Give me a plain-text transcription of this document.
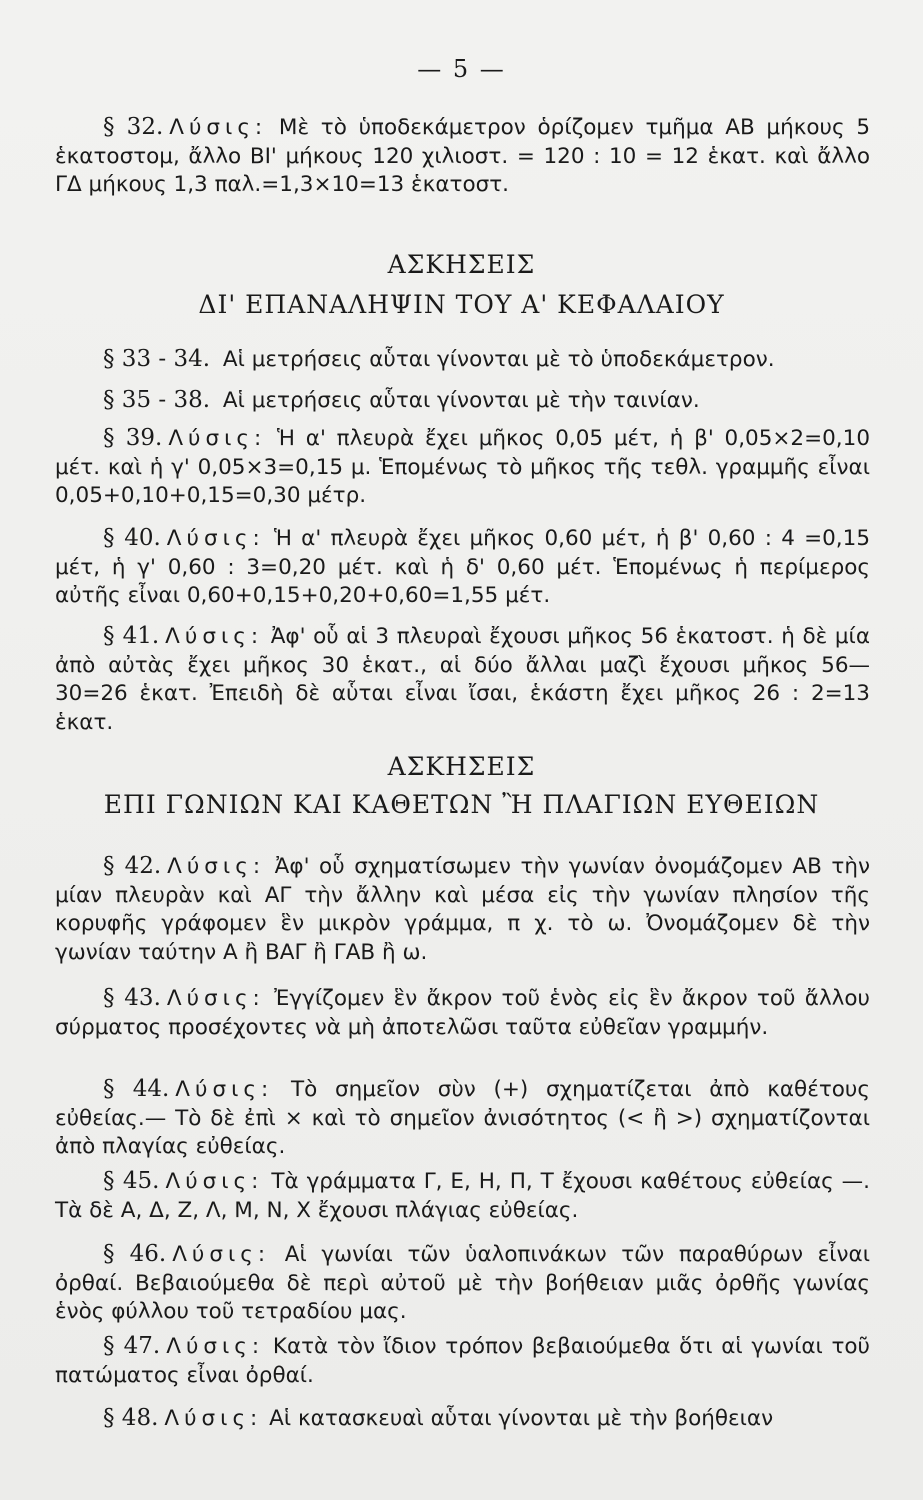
— 5 —
§ 32. Λύσις: Μὲ τὸ ὑποδεκάμετρον ὁρίζομεν τμῆμα ΑΒ μήκους 5 ἑκατοστομ, ἄλλο ΒΙ' μήκους 120 χιλιοστ. = 120 : 10 = 12 ἑκατ. καὶ ἄλλο ΓΔ μήκους 1,3 παλ.=1,3×10=13 ἑκατοστ.
ΑΣΚΗΣΕΙΣ
ΔΙ' ΕΠΑΝΑΛΗΨΙΝ ΤΟΥ Α' ΚΕΦΑΛΑΙΟΥ
§ 33 - 34. Αἱ μετρήσεις αὗται γίνονται μὲ τὸ ὑποδεκάμετρον.
§ 35 - 38. Αἱ μετρήσεις αὗται γίνονται μὲ τὴν ταινίαν.
§ 39. Λύσις: Ἡ α' πλευρὰ ἔχει μῆκος 0,05 μέτ, ἡ β' 0,05×2=0,10 μέτ. καὶ ἡ γ' 0,05×3=0,15 μ. Ἑπομένως τὸ μῆκος τῆς τεθλ. γραμμῆς εἶναι 0,05+0,10+0,15=0,30 μέτρ.
§ 40. Λύσις: Ἡ α' πλευρὰ ἔχει μῆκος 0,60 μέτ, ἡ β' 0,60 : 4 =0,15 μέτ, ἡ γ' 0,60 : 3=0,20 μέτ. καὶ ἡ δ' 0,60 μέτ. Ἑπομένως ἡ περίμερος αὐτῆς εἶναι 0,60+0,15+0,20+0,60=1,55 μέτ.
§ 41. Λύσις: Ἀφ' οὗ αἱ 3 πλευραὶ ἔχουσι μῆκος 56 ἑκατοστ. ἡ δὲ μία ἀπὸ αὐτὰς ἔχει μῆκος 30 ἑκατ., αἱ δύο ἄλλαι μαζὶ ἔχουσι μῆκος 56—30=26 ἑκατ. Ἐπειδὴ δὲ αὗται εἶναι ἴσαι, ἑκάστη ἔχει μῆκος 26 : 2=13 ἑκατ.
ΑΣΚΗΣΕΙΣ
ΕΠΙ ΓΩΝΙΩΝ ΚΑΙ ΚΑΘΕΤΩΝ Ἢ ΠΛΑΓΙΩΝ ΕΥΘΕΙΩΝ
§ 42. Λύσις: Ἀφ' οὗ σχηματίσωμεν τὴν γωνίαν ὀνομάζομεν ΑΒ τὴν μίαν πλευρὰν καὶ ΑΓ τὴν ἄλλην καὶ μέσα εἰς τὴν γωνίαν πλησίον τῆς κορυφῆς γράφομεν ἓν μικρὸν γράμμα, π χ. τὸ ω. Ὀνομάζομεν δὲ τὴν γωνίαν ταύτην Α ἢ ΒΑΓ ἢ ΓΑΒ ἢ ω.
§ 43. Λύσις: Ἐγγίζομεν ἓν ἄκρον τοῦ ἑνὸς εἰς ἓν ἄκρον τοῦ ἄλλου σύρματος προσέχοντες νὰ μὴ ἀποτελῶσι ταῦτα εὐθεῖαν γραμμήν.
§ 44. Λύσις: Τὸ σημεῖον σὺν (+) σχηματίζεται ἀπὸ καθέτους εὐθείας.— Τὸ δὲ ἐπὶ × καὶ τὸ σημεῖον ἀνισότητος (< ἢ >) σχηματίζονται ἀπὸ πλαγίας εὐθείας.
§ 45. Λύσις: Τὰ γράμματα Γ, Ε, Η, Π, Τ ἔχουσι καθέτους εὐθείας —. Τὰ δὲ Α, Δ, Ζ, Λ, Μ, Ν, Χ ἔχουσι πλάγιας εὐθείας.
§ 46. Λύσις: Αἱ γωνίαι τῶν ὑαλοπινάκων τῶν παραθύρων εἶναι ὀρθαί. Βεβαιούμεθα δὲ περὶ αὐτοῦ μὲ τὴν βοήθειαν μιᾶς ὀρθῆς γωνίας ἑνὸς φύλλου τοῦ τετραδίου μας.
§ 47. Λύσις: Κατὰ τὸν ἴδιον τρόπον βεβαιούμεθα ὅτι αἱ γωνίαι τοῦ πατώματος εἶναι ὀρθαί.
§ 48. Λύσις: Αἱ κατασκευαὶ αὗται γίνονται μὲ τὴν βοήθειαν
